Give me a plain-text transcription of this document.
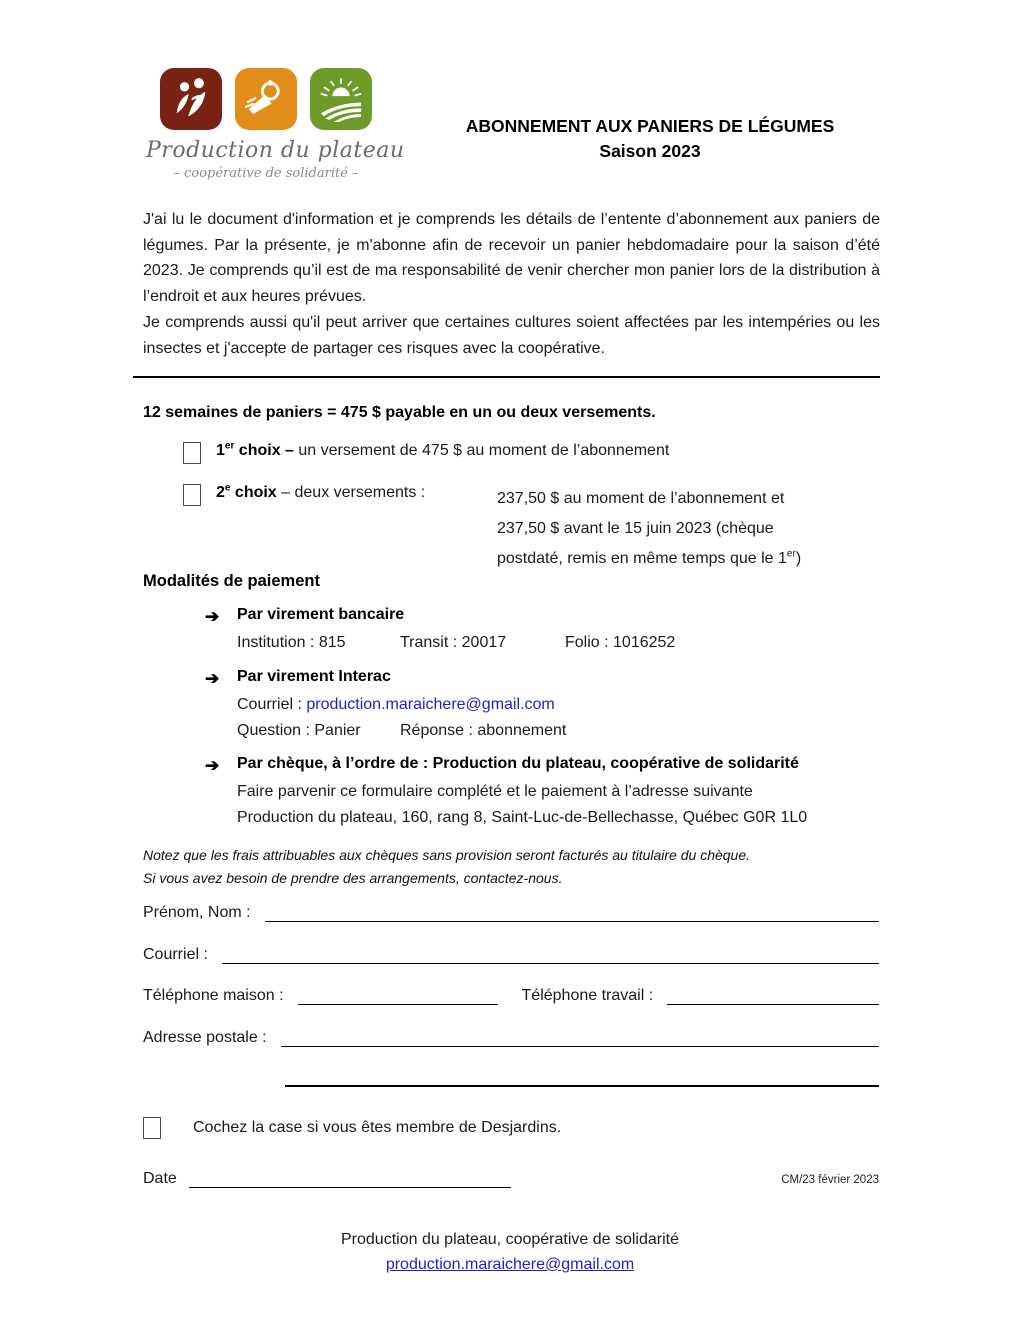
Production du plateau
– coopérative de solidarité –
ABONNEMENT AUX PANIERS DE LÉGUMES
Saison 2023
J'ai lu le document d'information et je comprends les détails de l’entente d’abonnement aux paniers de légumes. Par la présente, je m'abonne afin de recevoir un panier hebdomadaire pour la saison d’été 2023. Je comprends qu’il est de ma responsabilité de venir chercher mon panier lors de la distribution à l’endroit et aux heures prévues.
Je comprends aussi qu'il peut arriver que certaines cultures soient affectées par les intempéries ou les insectes et j'accepte de partager ces risques avec la coopérative.
12 semaines de paniers = 475 $ payable en un ou deux versements.
1er choix – un versement de 475 $ au moment de l’abonnement
2e choix – deux versements :	237,50 $ au moment de l’abonnement et
237,50 $ avant le 15 juin 2023 (chèque
postdaté, remis en même temps que le 1er)
Modalités de paiement
➔ Par virement bancaire
Institution : 815	Transit : 20017	Folio : 1016252
➔ Par virement Interac
Courriel : production.maraichere@gmail.com
Question : Panier Réponse : abonnement
➔ Par chèque, à l’ordre de : Production du plateau, coopérative de solidarité
Faire parvenir ce formulaire complété et le paiement à l’adresse suivante
Production du plateau, 160, rang 8, Saint-Luc-de-Bellechasse, Québec G0R 1L0
Notez que les frais attribuables aux chèques sans provision seront facturés au titulaire du chèque.
Si vous avez besoin de prendre des arrangements, contactez-nous.
Prénom, Nom :
Courriel :
Téléphone maison :	Téléphone travail :
Adresse postale :
Cochez la case si vous êtes membre de Desjardins.
Date	CM/23 février 2023
Production du plateau, coopérative de solidarité
production.maraichere@gmail.com
